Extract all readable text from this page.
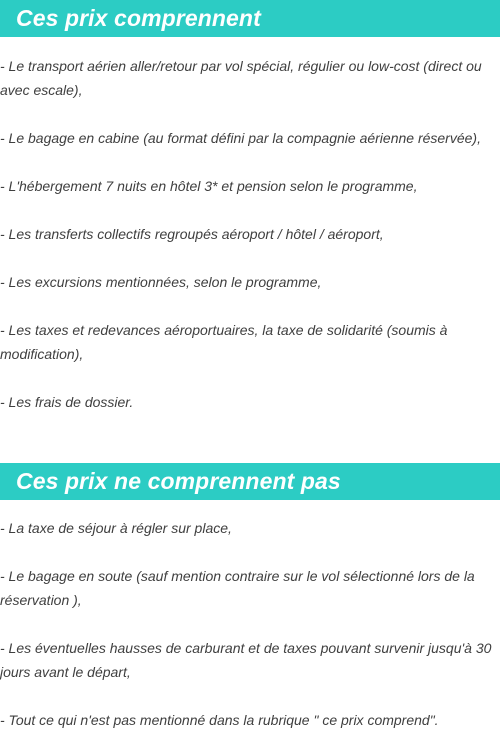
Ces prix comprennent

- Le transport aérien aller/retour par vol spécial, régulier ou low-cost (direct ou avec escale),

- Le bagage en cabine (au format défini par la compagnie aérienne réservée),

- L'hébergement 7 nuits en hôtel 3* et pension selon le programme,

- Les transferts collectifs regroupés aéroport / hôtel / aéroport,

- Les excursions mentionnées, selon le programme,

- Les taxes et redevances aéroportuaires, la taxe de solidarité (soumis à modification),

- Les frais de dossier.

Ces prix ne comprennent pas

- La taxe de séjour à régler sur place,

- Le bagage en soute (sauf mention contraire sur le vol sélectionné lors de la réservation ),

- Les éventuelles hausses de carburant et de taxes pouvant survenir jusqu'à 30 jours avant le départ,

- Tout ce qui n'est pas mentionné dans la rubrique " ce prix comprend".
